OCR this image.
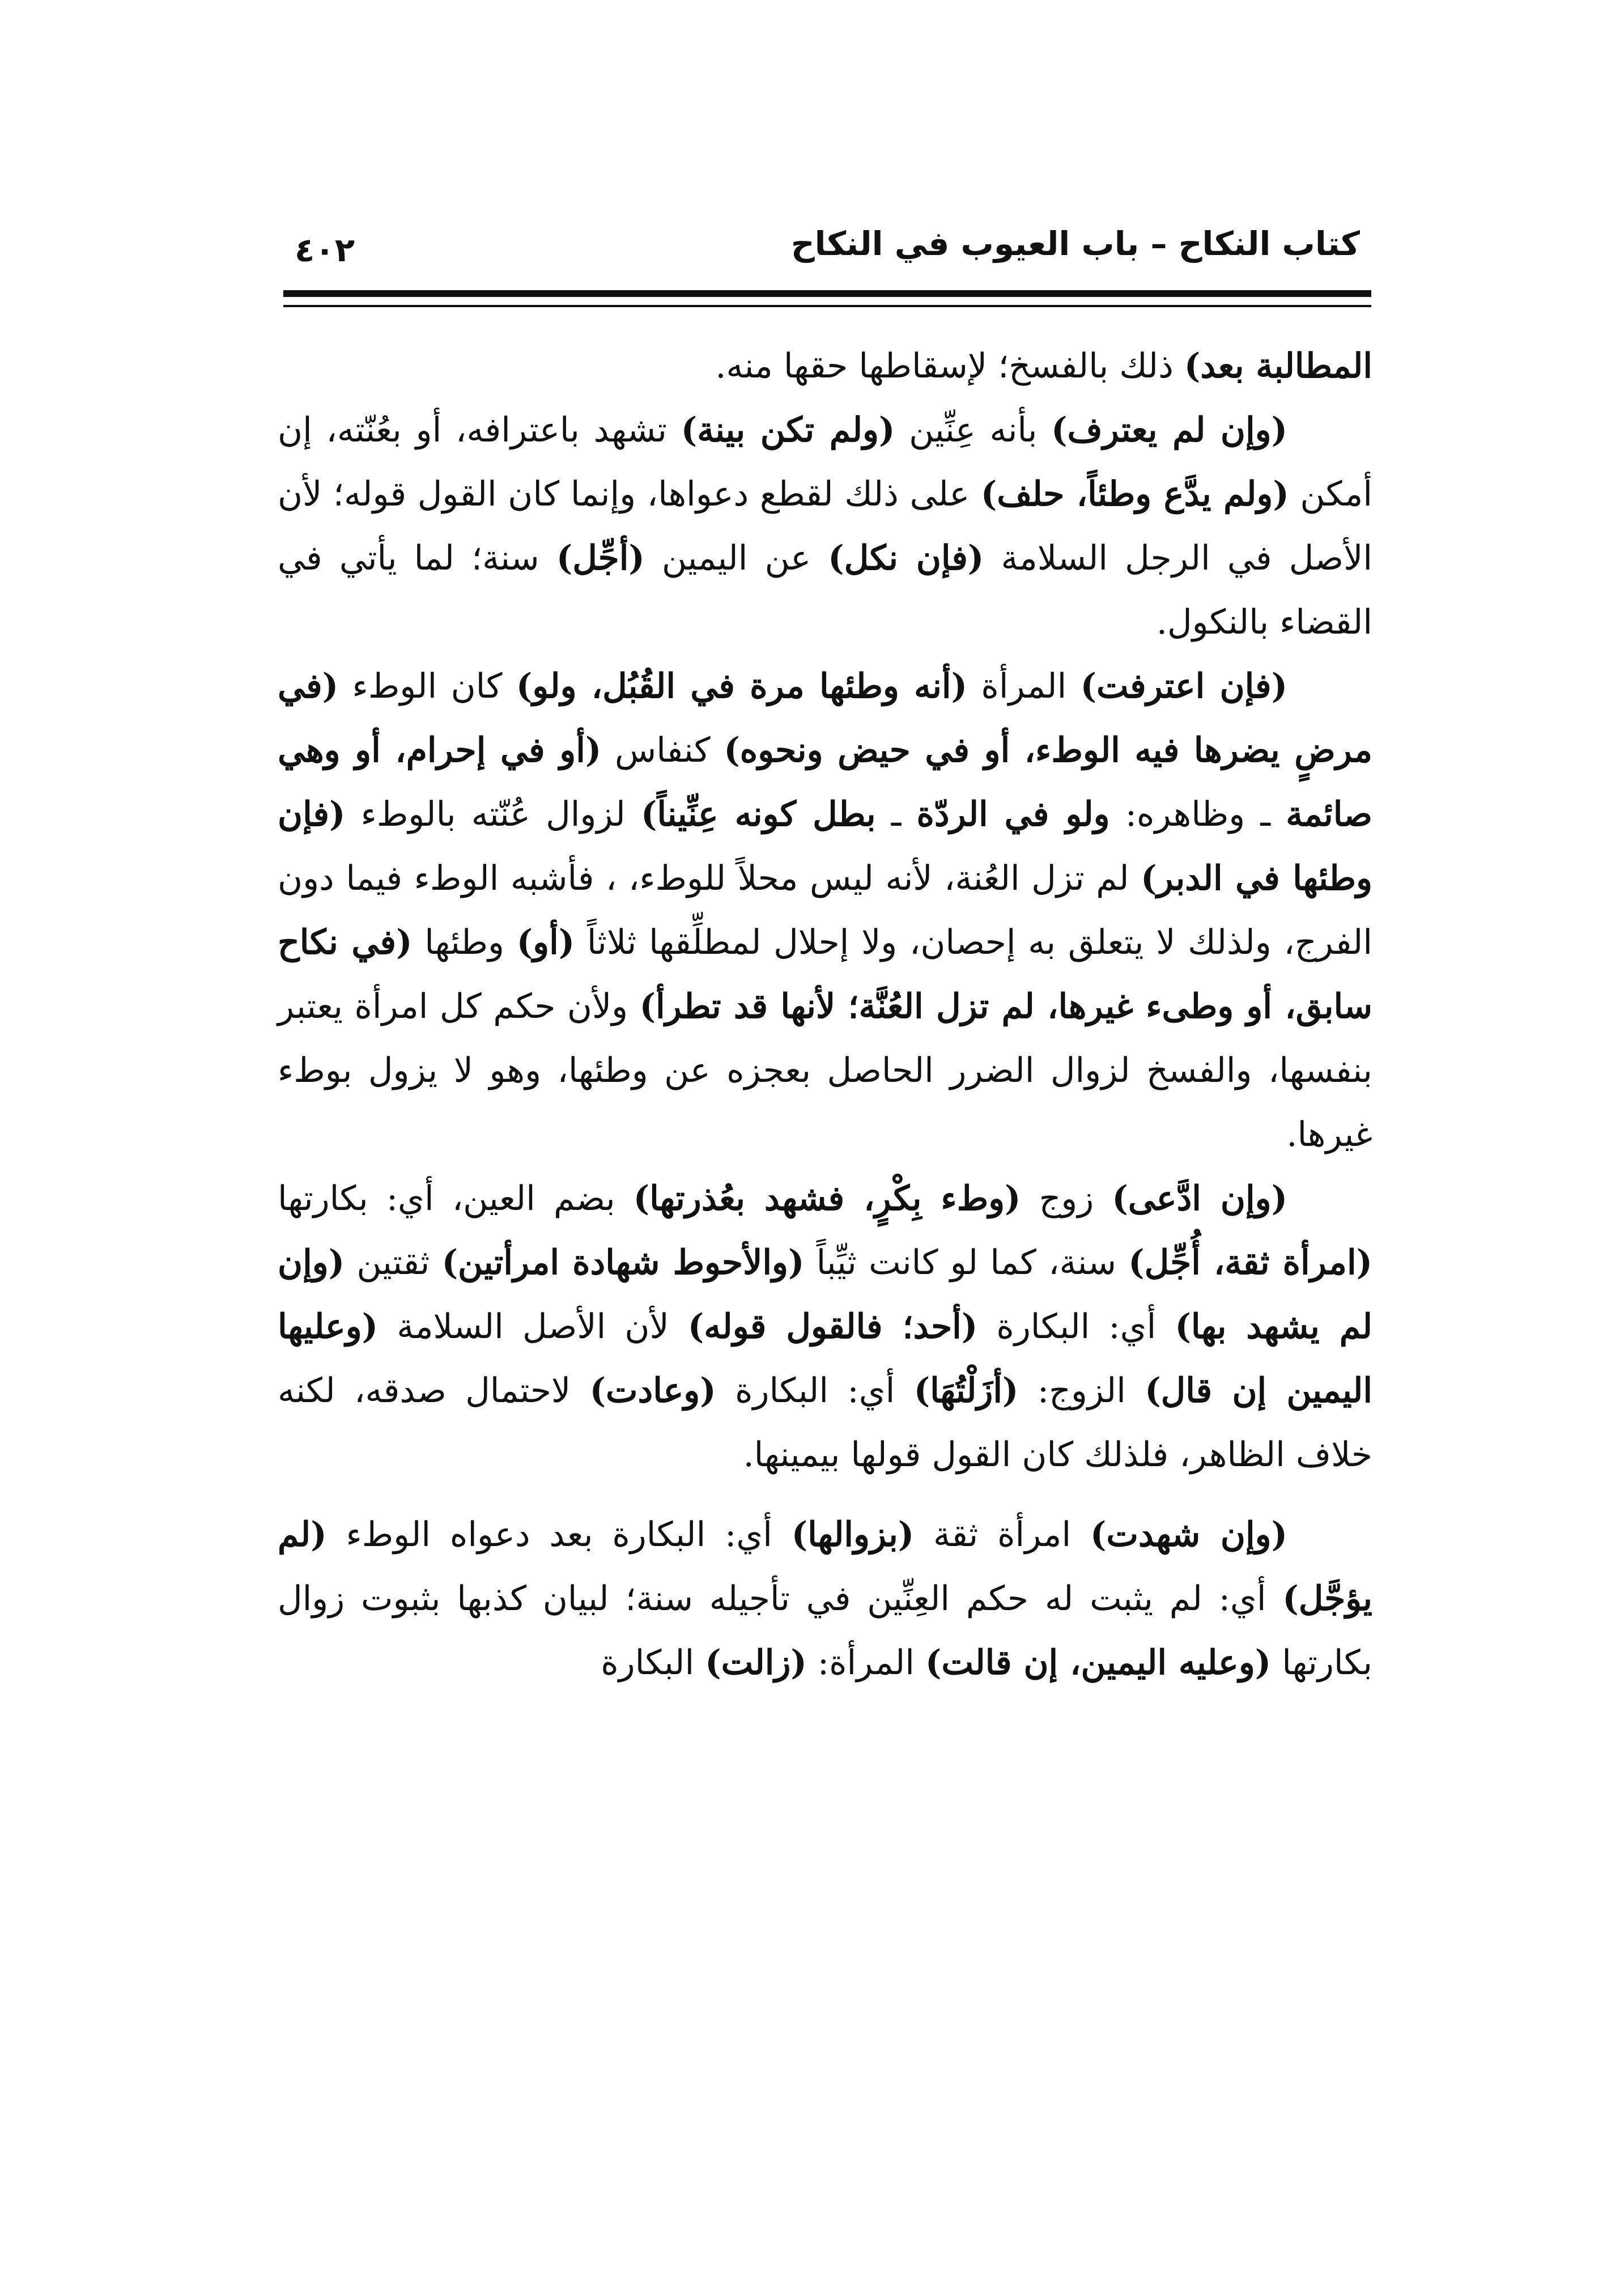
كتاب النكاح – باب العيوب في النكاح
٤٠٢

المطالبة بعد) ذلك بالفسخ؛ لإسقاطها حقها منه.

(وإن لم يعترف) بأنه عِنِّين (ولم تكن بينة) تشهد باعترافه، أو بعُنّته، إن أمكن (ولم يدَّع وطئاً، حلف) على ذلك لقطع دعواها، وإنما كان القول قوله؛ لأن الأصل في الرجل السلامة (فإن نكل) عن اليمين (أجِّل) سنة؛ لما يأتي في القضاء بالنكول.

(فإن اعترفت) المرأة (أنه وطئها مرة في القُبُل، ولو) كان الوطء (في مرضٍ يضرها فيه الوطء، أو في حيض ونحوه) كنفاس (أو في إحرام، أو وهي صائمة ـ وظاهره: ولو في الردّة ـ بطل كونه عِنِّيناً) لزوال عُنّته بالوطء (فإن وطئها في الدبر) لم تزل العُنة، لأنه ليس محلاً للوطء، ، فأشبه الوطء فيما دون الفرج، ولذلك لا يتعلق به إحصان، ولا إحلال لمطلِّقها ثلاثاً (أو) وطئها (في نكاح سابق، أو وطىء غيرها، لم تزل العُنَّة؛ لأنها قد تطرأ) ولأن حكم كل امرأة يعتبر بنفسها، والفسخ لزوال الضرر الحاصل بعجزه عن وطئها، وهو لا يزول بوطء غيرها.

(وإن ادَّعى) زوج (وطء بِكْرٍ، فشهد بعُذرتها) بضم العين، أي: بكارتها (امرأة ثقة، أُجِّل) سنة، كما لو كانت ثيِّباً (والأحوط شهادة امرأتين) ثقتين (وإن لم يشهد بها) أي: البكارة (أحد؛ فالقول قوله) لأن الأصل السلامة (وعليها اليمين إن قال) الزوج: (أزَلْتُهَا) أي: البكارة (وعادت) لاحتمال صدقه، لكنه خلاف الظاهر، فلذلك كان القول قولها بيمينها.

(وإن شهدت) امرأة ثقة (بزوالها) أي: البكارة بعد دعواه الوطء (لم يؤجَّل) أي: لم يثبت له حكم العِنِّين في تأجيله سنة؛ لبيان كذبها بثبوت زوال بكارتها (وعليه اليمين، إن قالت) المرأة: (زالت) البكارة
